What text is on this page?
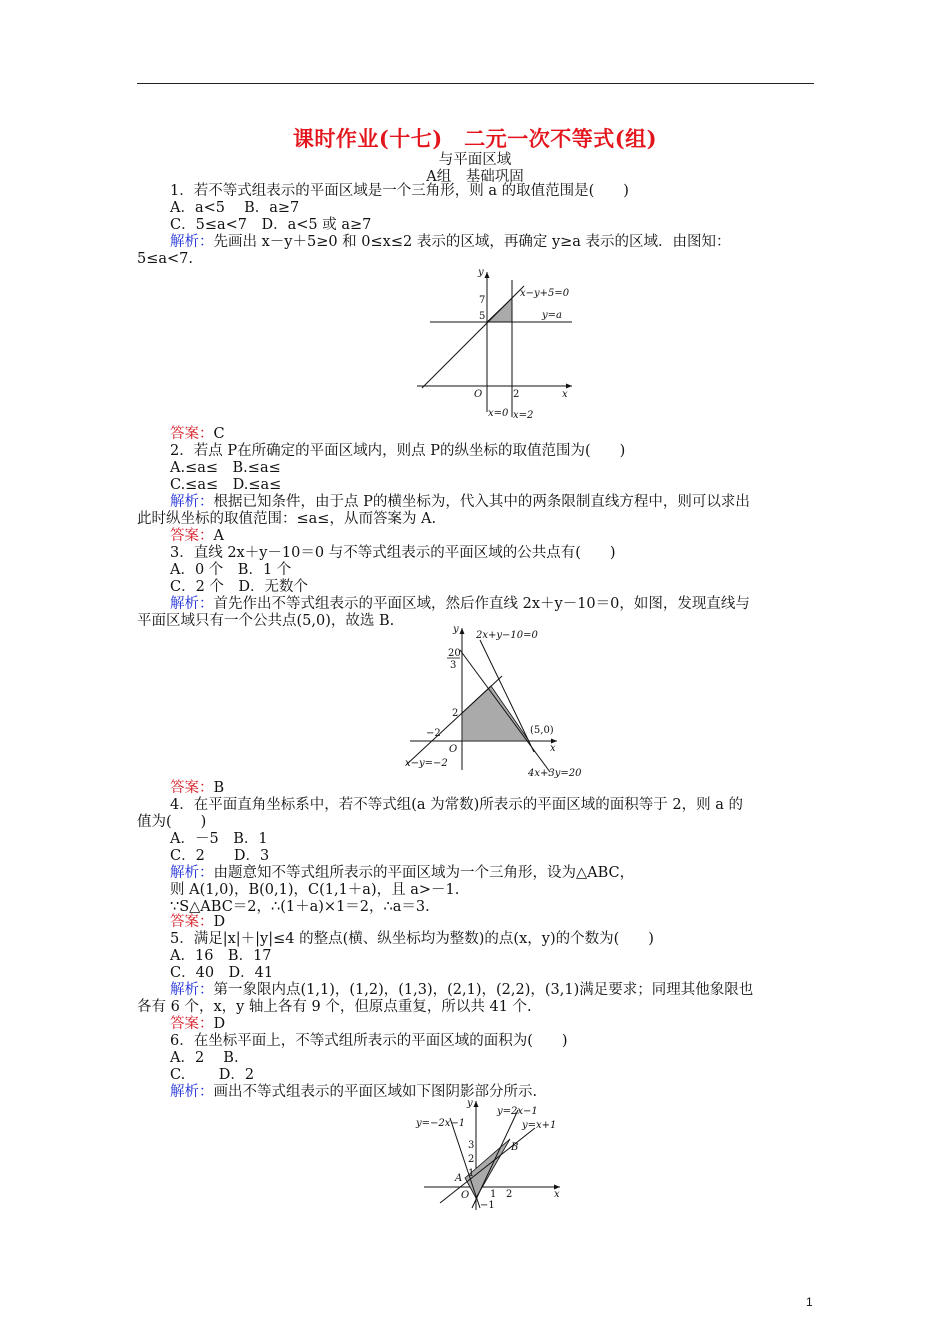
课时作业(十七)　二元一次不等式(组)
与平面区域
A组　基础巩固
1．若不等式组表示的平面区域是一个三角形，则 a 的取值范围是(　　)
A．a<5　 B．a≥7
C．5≤a<7　D．a<5 或 a≥7
解析：先画出 x－y＋5≥0 和 0≤x≤2 表示的区域，再确定 y≥a 表示的区域．由图知：
5≤a<7.
y
x
O
7
5
2
x−y+5=0
y=a
x=0 x=2
答案：C
2．若点 P在所确定的平面区域内，则点 P的纵坐标的取值范围为(　　)
A.≤a≤　B.≤a≤
C.≤a≤　D.≤a≤
解析：根据已知条件，由于点 P的横坐标为，代入其中的两条限制直线方程中，则可以求出
此时纵坐标的取值范围：≤a≤，从而答案为 A.
答案：A
3．直线 2x＋y－10＝0 与不等式组表示的平面区域的公共点有(　　)
A．0 个　B．1 个
C．2 个　D．无数个
解析：首先作出不等式组表示的平面区域，然后作直线 2x＋y－10＝0，如图，发现直线与
平面区域只有一个公共点(5,0)，故选 B.
y
x
O
20
3
2
−2	(5,0)
2x+y−10=0
x−y=−2
4x+3y=20
答案：B
4．在平面直角坐标系中，若不等式组(a 为常数)所表示的平面区域的面积等于 2，则 a 的
值为(　　)
A．－5　B．1
C．2　　D．3
解析：由题意知不等式组所表示的平面区域为一个三角形，设为△ABC，
则 A(1,0)，B(0,1)，C(1,1＋a)，且 a>－1.
∵S△ABC＝2，∴(1＋a)×1＝2，∴a＝3.
答案：D
5．满足|x|＋|y|≤4 的整点(横、纵坐标均为整数)的点(x，y)的个数为(　　)
A．16　B．17
C．40　D．41
解析：第一象限内点(1,1)，(1,2)，(1,3)，(2,1)，(2,2)，(3,1)满足要求；同理其他象限也
各有 6 个，x，y 轴上各有 9 个，但原点重复，所以共 41 个.
答案：D
6．在坐标平面上，不等式组所表示的平面区域的面积为(　　)
A．2　 B.
C.　　 D．2
解析：画出不等式组表示的平面区域如下图阴影部分所示.
y
x
O
A
B
3
2
1
−1
1 2
y=−2x−1
y=2x−1
y=x+1
1
